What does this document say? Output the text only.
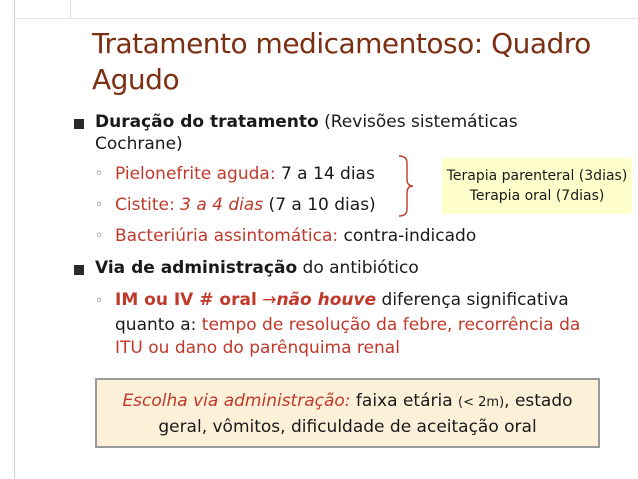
Tratamento medicamentoso: Quadro Agudo
Duração do tratamento (Revisões sistemáticas
Cochrane)
◦ Pielonefrite aguda: 7 a 14 dias
◦ Cistite: 3 a 4 dias (7 a 10 dias)
◦ Bacteriúria assintomática: contra-indicado
Terapia parenteral (3dias)
Terapia oral (7dias)
Via de administração do antibiótico
◦ IM ou IV # oral →não houve diferença significativa
quanto a: tempo de resolução da febre, recorrência da
ITU ou dano do parênquima renal
Escolha via administração: faixa etária (< 2m), estado
geral, vômitos, dificuldade de aceitação oral
